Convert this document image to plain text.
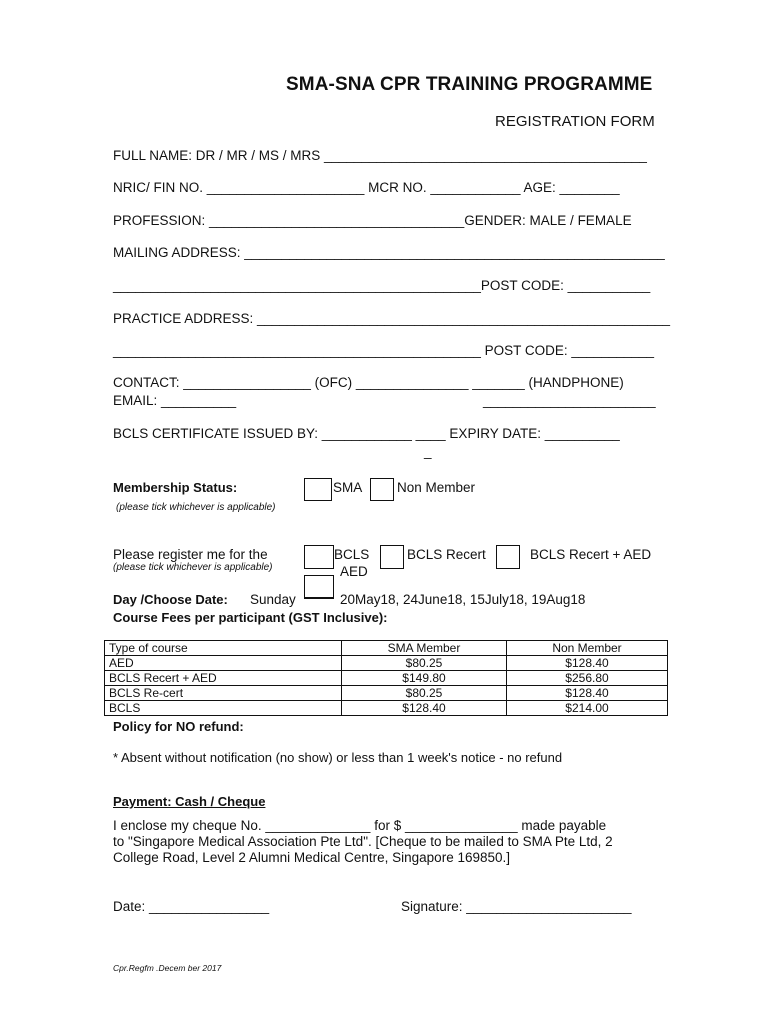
SMA-SNA CPR TRAINING PROGRAMME
REGISTRATION FORM
FULL NAME: DR / MR / MS / MRS ___________________________________________
NRIC/ FIN NO. _____________________ MCR NO. ____________ AGE: ________
PROFESSION: __________________________________GENDER: MALE / FEMALE
MAILING ADDRESS: ________________________________________________________
_________________________________________________POST CODE: ___________
PRACTICE ADDRESS: _______________________________________________________
_________________________________________________ POST CODE: ___________
CONTACT: _________________ (OFC) _______________ _______ (HANDPHONE)
EMAIL: __________	_______________________
BCLS CERTIFICATE ISSUED BY: ____________ ____ EXPIRY DATE: __________
_
Membership Status:
(please tick whichever is applicable)
SMA	Non Member
Please register me for the
(please tick whichever is applicable)
BCLS	BCLS Recert	BCLS Recert + AED
AED
Day /Choose Date: Sunday	20May18, 24June18, 15July18, 19Aug18
Course Fees per participant (GST Inclusive):
Type of course	SMA Member	Non Member
AED	$80.25	$128.40
BCLS Recert + AED	$149.80	$256.80
BCLS Re-cert	$80.25	$128.40
BCLS	$128.40	$214.00
Policy for NO refund:
* Absent without notification (no show) or less than 1 week's notice - no refund
Payment: Cash / Cheque
I enclose my cheque No. ______________ for $ _______________ made payable
to "Singapore Medical Association Pte Ltd". [Cheque to be mailed to SMA Pte Ltd, 2
College Road, Level 2 Alumni Medical Centre, Singapore 169850.]
Date: ________________	Signature: ______________________
Cpr.Regfm .Decem ber 2017
